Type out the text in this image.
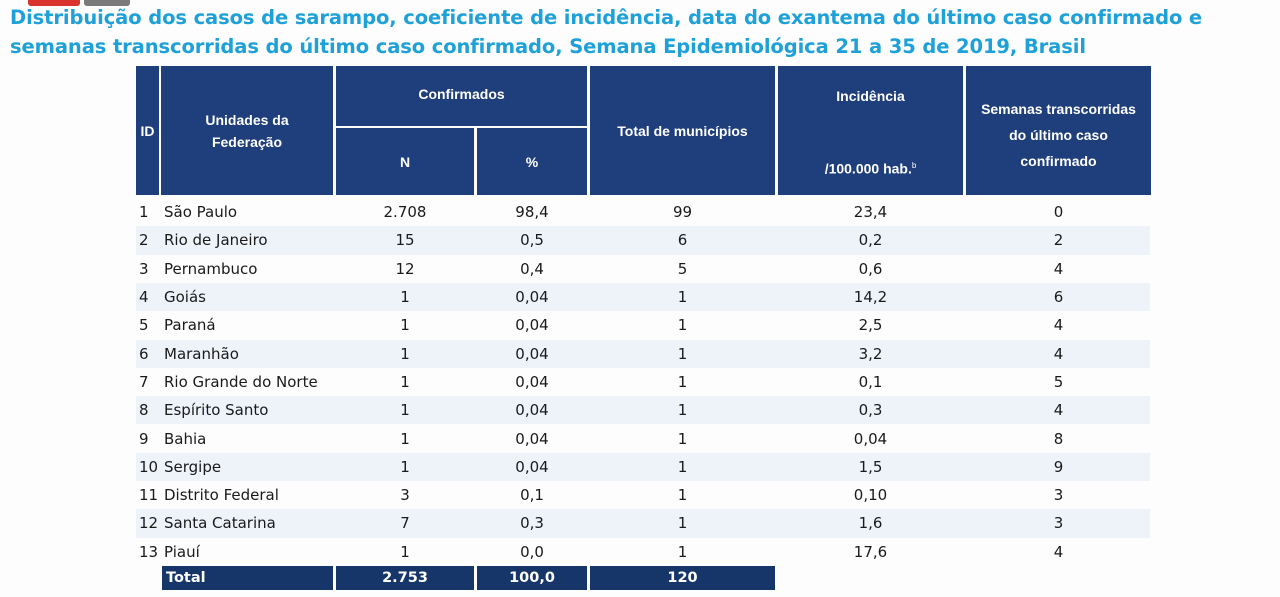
Distribuição dos casos de sarampo, coeficiente de incidência, data do exantema do último caso confirmado e semanas transcorridas do último caso confirmado, Semana Epidemiológica 21 a 35 de 2019, Brasil
ID
Unidades da
Federação
Confirmados
N	%
Total de municípios
Incidência
/100.000 hab.$^b$
Semanas transcorridas
do último caso
confirmado
1	São Paulo	2.708	98,4	99	23,4	0
2	Rio de Janeiro	15	0,5	6	0,2	2
3	Pernambuco	12	0,4	5	0,6	4
4	Goiás	1	0,04	1	14,2	6
5	Paraná	1	0,04	1	2,5	4
6	Maranhão	1	0,04	1	3,2	4
7	Rio Grande do Norte	1	0,04	1	0,1	5
8	Espírito Santo	1	0,04	1	0,3	4
9	Bahia	1	0,04	1	0,04	8
10 Sergipe	1	0,04	1	1,5	9
11 Distrito Federal	3	0,1	1	0,10	3
12 Santa Catarina	7	0,3	1	1,6	3
13 Piauí	1	0,0	1	17,6	4
Total	2.753	100,0	120
